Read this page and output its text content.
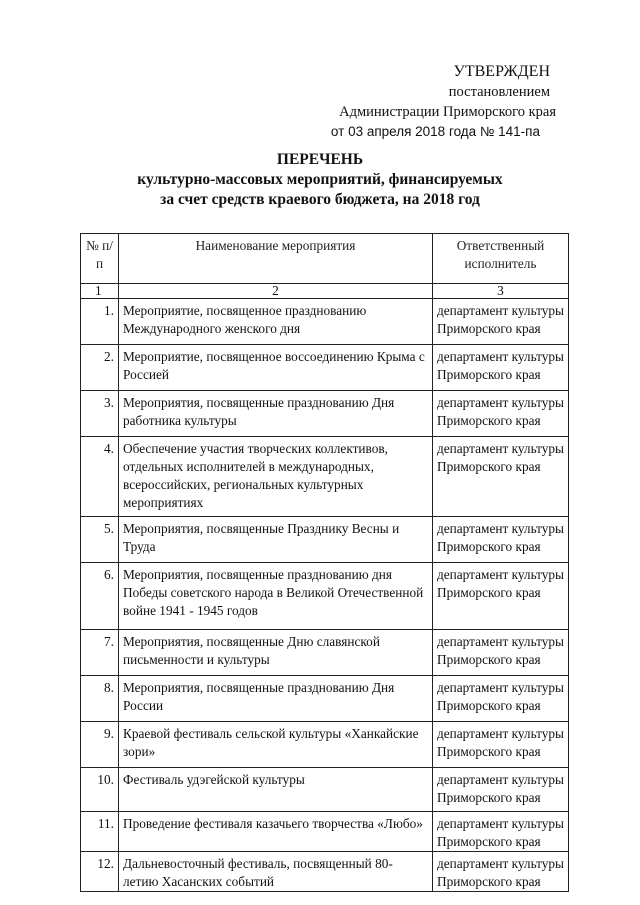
УТВЕРЖДЕН
постановлением
Администрации Приморского края
от 03 апреля 2018 года № 141-па
ПЕРЕЧЕНЬ
культурно-массовых мероприятий, финансируемых
за счет средств краевого бюджета, на 2018 год
№ п/п	Наименование мероприятия	Ответственный исполнитель
1	2	3
1.	Мероприятие, посвященное празднованию Международного женского дня	департамент культуры Приморского края
2.	Мероприятие, посвященное воссоединению Крыма с Россией	департамент культуры Приморского края
3.	Мероприятия, посвященные празднованию Дня работника культуры	департамент культуры Приморского края
4.	Обеспечение участия творческих коллективов, отдельных исполнителей в международных, всероссийских, региональных культурных мероприятиях	департамент культуры Приморского края
5.	Мероприятия, посвященные Празднику Весны и Труда	департамент культуры Приморского края
6.	Мероприятия, посвященные празднованию дня Победы советского народа в Великой Отечественной войне 1941 - 1945 годов	департамент культуры Приморского края
7.	Мероприятия, посвященные Дню славянской письменности и культуры	департамент культуры Приморского края
8.	Мероприятия, посвященные празднованию Дня России	департамент культуры Приморского края
9.	Краевой фестиваль сельской культуры «Ханкайские зори»	департамент культуры Приморского края
10.	Фестиваль удэгейской культуры	департамент культуры Приморского края
11.	Проведение фестиваля казачьего творчества «Любо»	департамент культуры Приморского края
12.	Дальневосточный фестиваль, посвященный 80-летию Хасанских событий	департамент культуры Приморского края
